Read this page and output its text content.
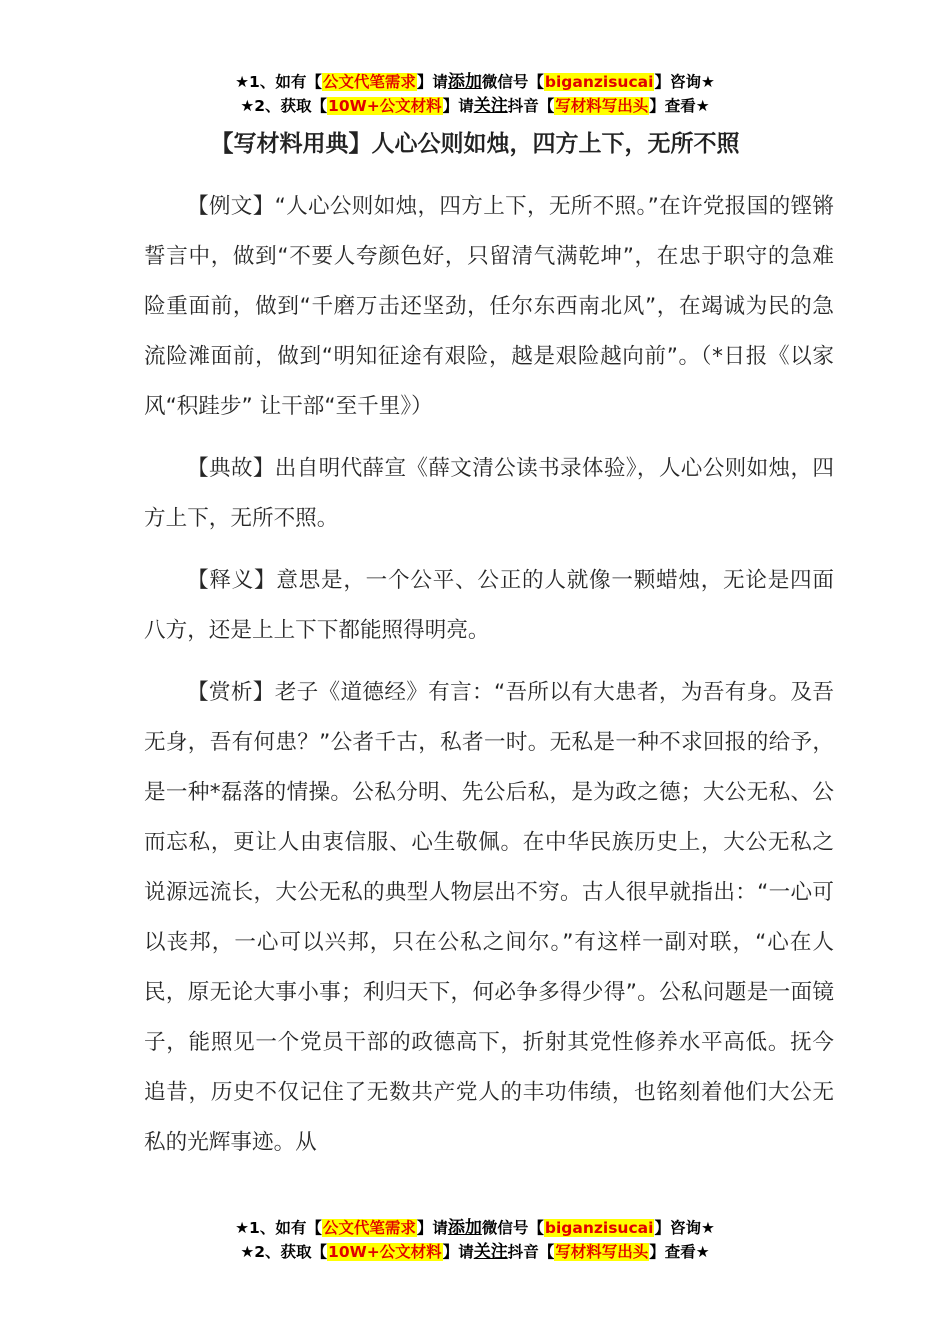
★1、如有【公文代笔需求】请添加微信号【biganzisucai】咨询★
★2、获取【10W+公文材料】请关注抖音【写材料写出头】查看★
【写材料用典】人心公则如烛，四方上下，无所不照

【例文】“人心公则如烛，四方上下，无所不照。”在许党报国的铿锵誓言中，做到“不要人夸颜色好，只留清气满乾坤”，在忠于职守的急难险重面前，做到“千磨万击还坚劲，任尔东西南北风”，在竭诚为民的急流险滩面前，做到“明知征途有艰险，越是艰险越向前”。（*日报《以家风“积跬步” 让干部“至千里》）

【典故】出自明代薛宣《薛文清公读书录体验》，人心公则如烛，四方上下，无所不照。

【释义】意思是，一个公平、公正的人就像一颗蜡烛，无论是四面八方，还是上上下下都能照得明亮。

【赏析】老子《道德经》有言：“吾所以有大患者，为吾有身。及吾无身，吾有何患？”公者千古，私者一时。无私是一种不求回报的给予，是一种*磊落的情操。公私分明、先公后私，是为政之德；大公无私、公而忘私，更让人由衷信服、心生敬佩。在中华民族历史上，大公无私之说源远流长，大公无私的典型人物层出不穷。古人很早就指出：“一心可以丧邦，一心可以兴邦，只在公私之间尔。”有这样一副对联，“心在人民，原无论大事小事；利归天下，何必争多得少得”。公私问题是一面镜子，能照见一个党员干部的政德高下，折射其党性修养水平高低。抚今追昔，历史不仅记住了无数共产党人的丰功伟绩，也铭刻着他们大公无私的光辉事迹。从

★1、如有【公文代笔需求】请添加微信号【biganzisucai】咨询★
★2、获取【10W+公文材料】请关注抖音【写材料写出头】查看★
